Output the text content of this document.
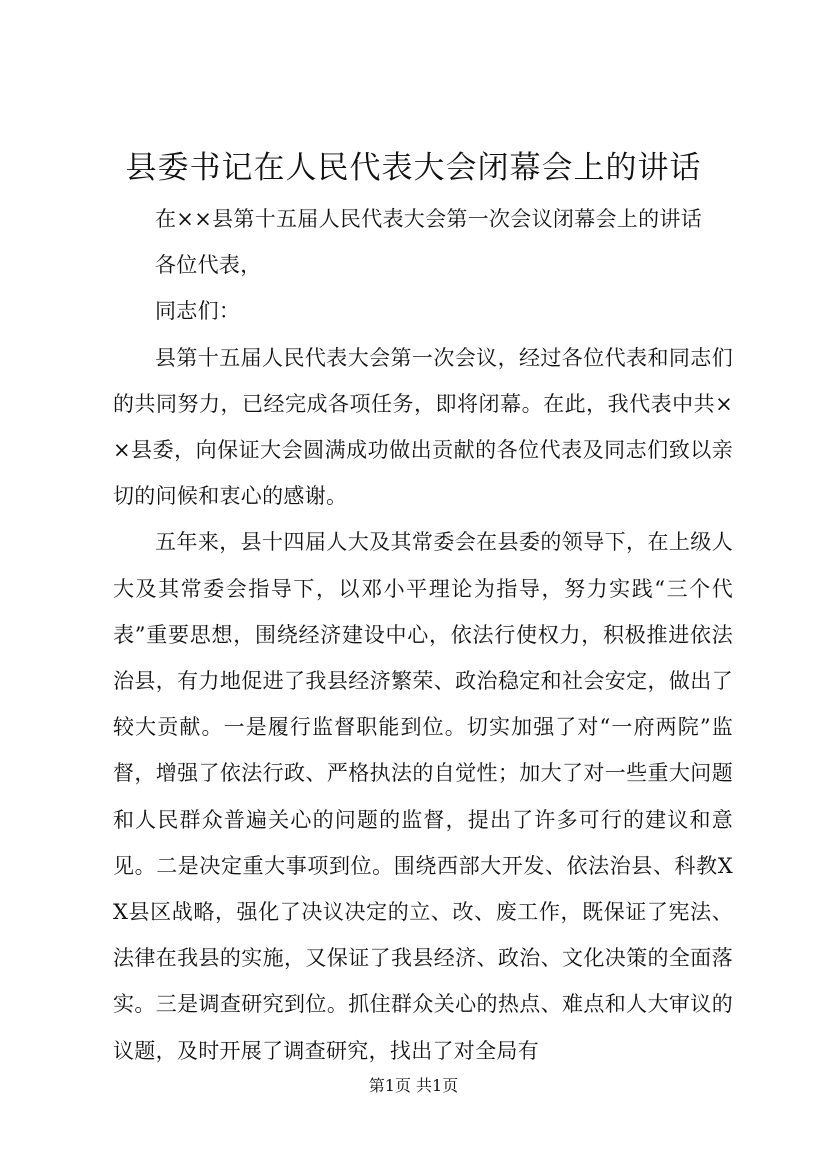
县委书记在人民代表大会闭幕会上的讲话

在××县第十五届人民代表大会第一次会议闭幕会上的讲话

各位代表，

同志们：

县第十五届人民代表大会第一次会议，经过各位代表和同志们的共同努力，已经完成各项任务，即将闭幕。在此，我代表中共××县委，向保证大会圆满成功做出贡献的各位代表及同志们致以亲切的问候和衷心的感谢。

五年来，县十四届人大及其常委会在县委的领导下，在上级人大及其常委会指导下，以邓小平理论为指导，努力实践“三个代表”重要思想，围绕经济建设中心，依法行使权力，积极推进依法治县，有力地促进了我县经济繁荣、政治稳定和社会安定，做出了较大贡献。一是履行监督职能到位。切实加强了对“一府两院”监督，增强了依法行政、严格执法的自觉性；加大了对一些重大问题和人民群众普遍关心的问题的监督，提出了许多可行的建议和意见。二是决定重大事项到位。围绕西部大开发、依法治县、科教XX县区战略，强化了决议决定的立、改、废工作，既保证了宪法、法律在我县的实施，又保证了我县经济、政治、文化决策的全面落实。三是调查研究到位。抓住群众关心的热点、难点和人大审议的议题，及时开展了调查研究，找出了对全局有

第1页 共1页
